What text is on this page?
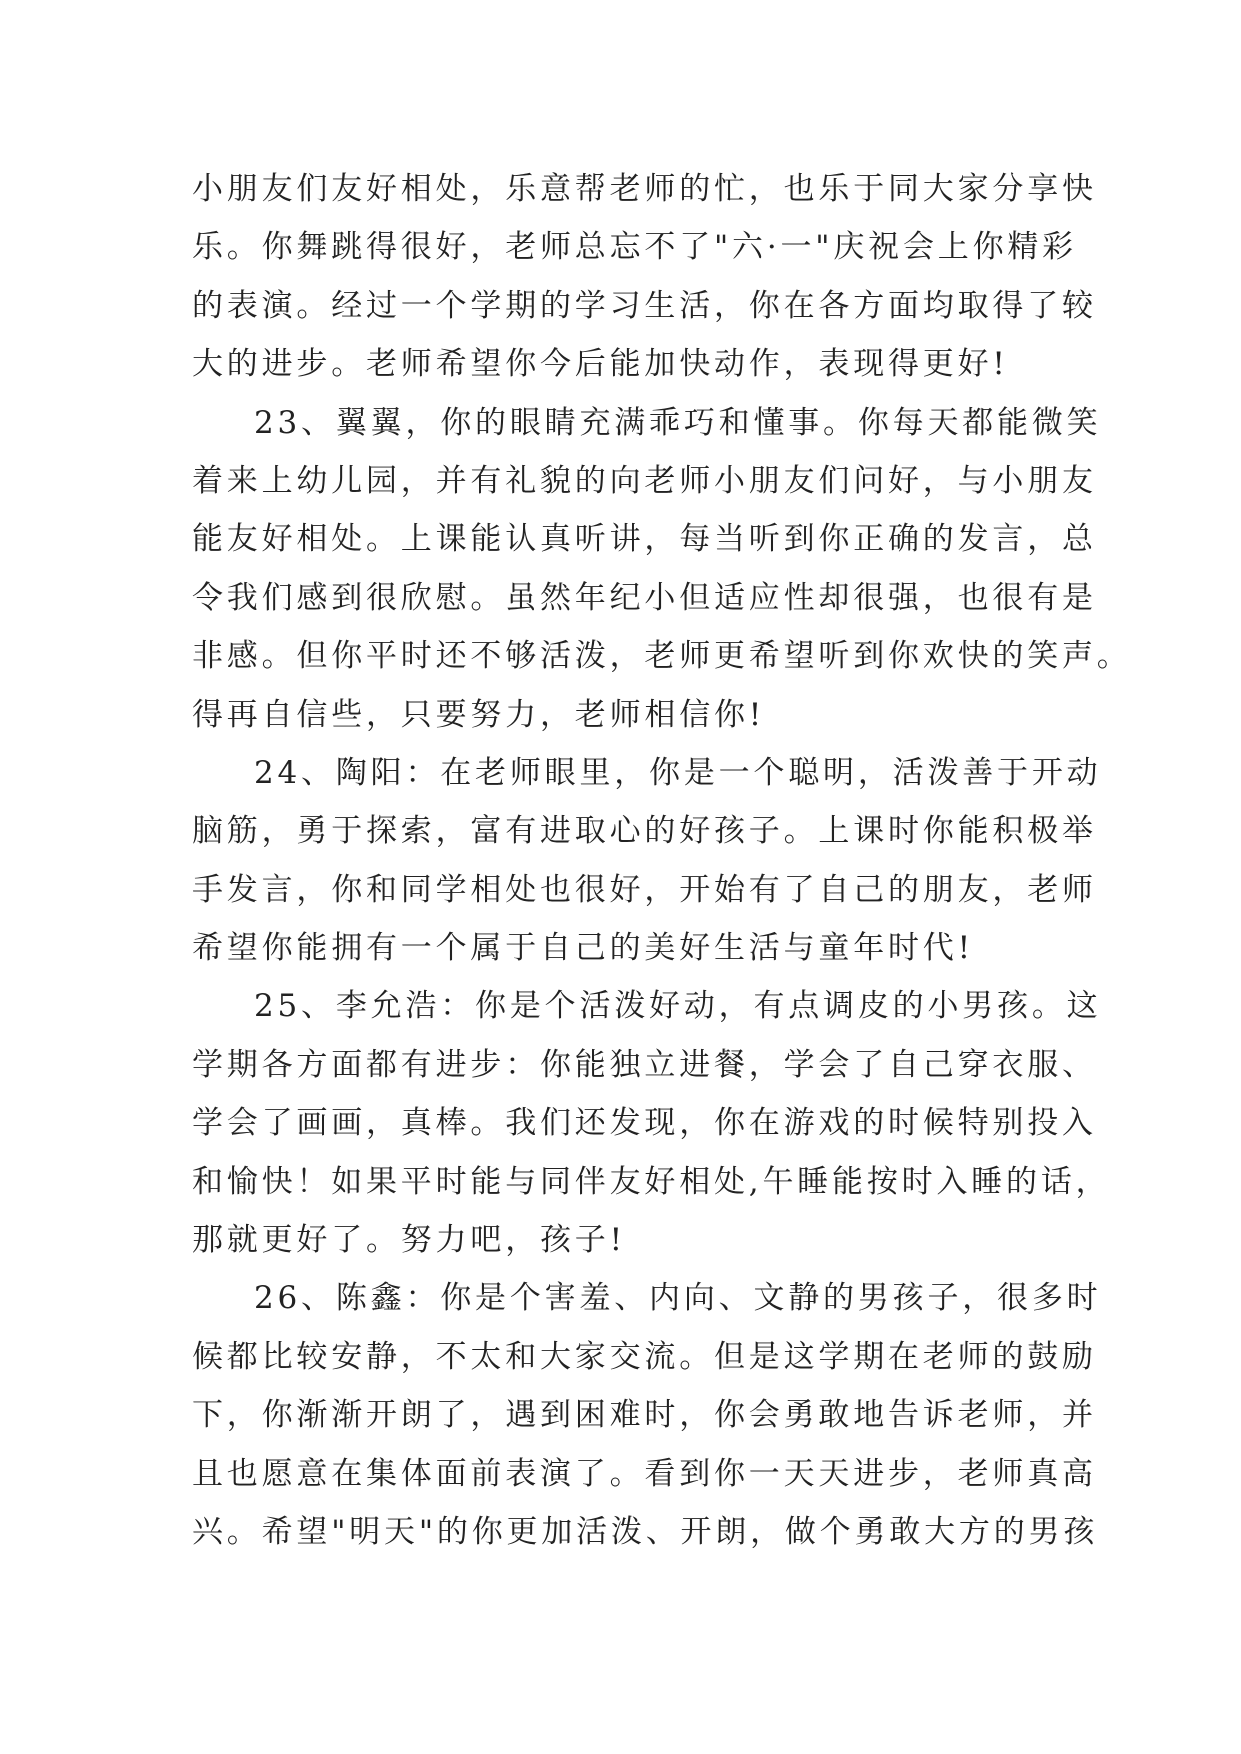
小朋友们友好相处，乐意帮老师的忙，也乐于同大家分享快
乐。你舞跳得很好，老师总忘不了"六·一"庆祝会上你精彩
的表演。经过一个学期的学习生活，你在各方面均取得了较
大的进步。老师希望你今后能加快动作，表现得更好!

23、翼翼，你的眼睛充满乖巧和懂事。你每天都能微笑
着来上幼儿园，并有礼貌的向老师小朋友们问好，与小朋友
能友好相处。上课能认真听讲，每当听到你正确的发言，总
令我们感到很欣慰。虽然年纪小但适应性却很强，也很有是
非感。但你平时还不够活泼，老师更希望听到你欢快的笑声。
得再自信些，只要努力，老师相信你!

24、陶阳：在老师眼里，你是一个聪明，活泼善于开动
脑筋，勇于探索，富有进取心的好孩子。上课时你能积极举
手发言，你和同学相处也很好，开始有了自己的朋友，老师
希望你能拥有一个属于自己的美好生活与童年时代!

25、李允浩：你是个活泼好动，有点调皮的小男孩。这
学期各方面都有进步：你能独立进餐，学会了自己穿衣服、
学会了画画，真棒。我们还发现，你在游戏的时候特别投入
和愉快！如果平时能与同伴友好相处,午睡能按时入睡的话，
那就更好了。努力吧，孩子!

26、陈鑫：你是个害羞、内向、文静的男孩子，很多时
候都比较安静，不太和大家交流。但是这学期在老师的鼓励
下，你渐渐开朗了，遇到困难时，你会勇敢地告诉老师，并
且也愿意在集体面前表演了。看到你一天天进步，老师真高
兴。希望"明天"的你更加活泼、开朗，做个勇敢大方的男孩
